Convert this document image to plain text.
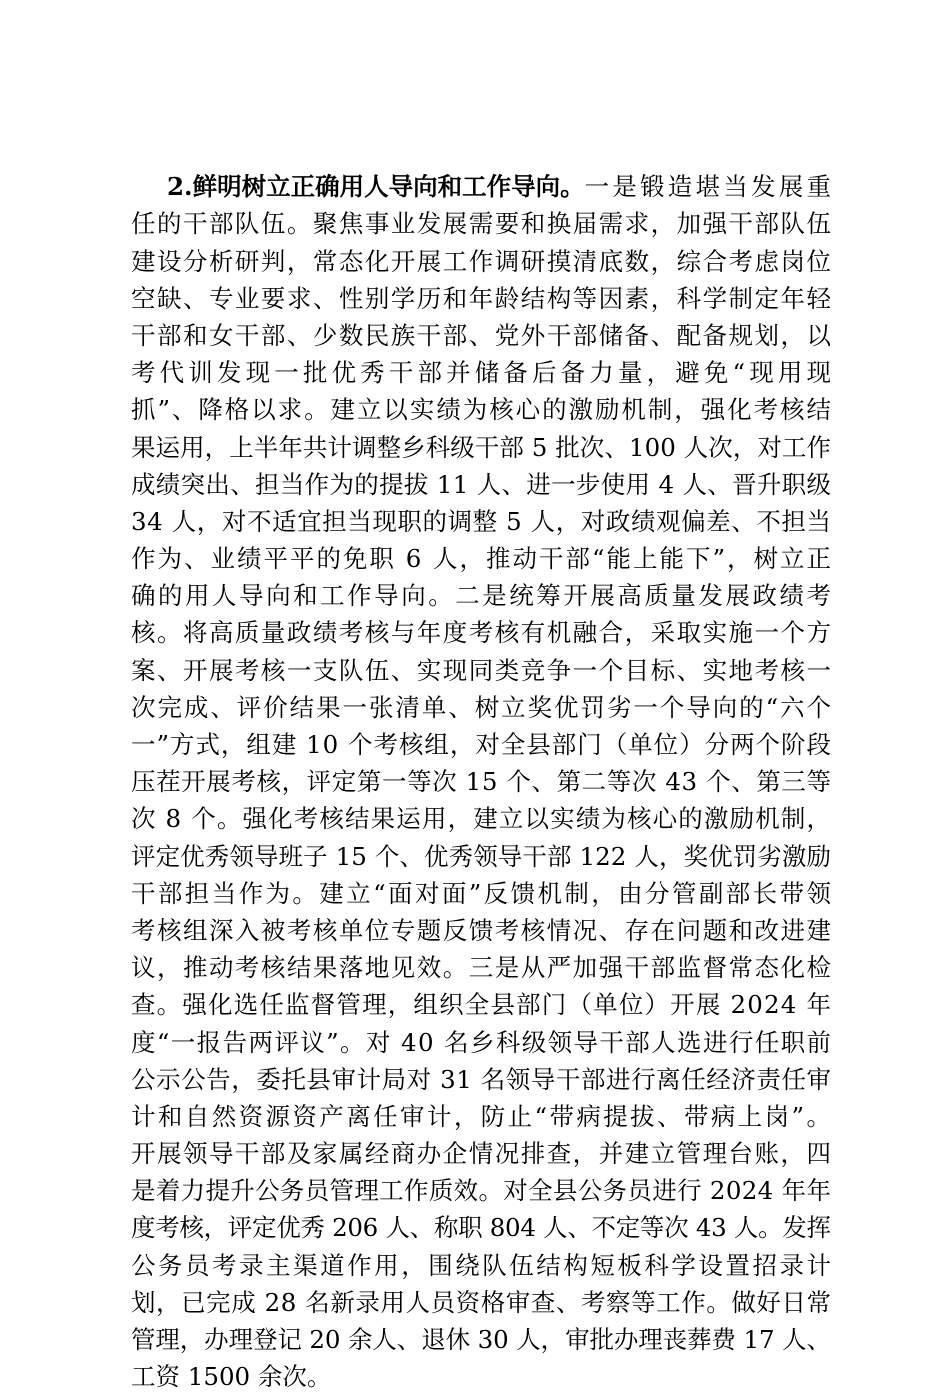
2.鲜明树立正确用人导向和工作导向。 一是锻造堪当发展重
任的干部队伍。聚焦事业发展需要和换届需求，加强干部队伍
建设分析研判，常态化开展工作调研摸清底数，综合考虑岗位
空缺、专业要求、性别学历和年龄结构等因素，科学制定年轻
干部和女干部、少数民族干部、党外干部储备、配备规划，以
考代训发现一批优秀干部并储备后备力量，避免“现用现
抓”、降格以求。建立以实绩为核心的激励机制，强化考核结
果运用，上半年共计调整乡科级干部 5 批次、100 人次，对工作
成绩突出、担当作为的提拔 11 人、进一步使用 4 人、晋升职级
34 人，对不适宜担当现职的调整 5 人，对政绩观偏差、不担当
作为、业绩平平的免职 6 人，推动干部“能上能下”，树立正
确的用人导向和工作导向。二是统筹开展高质量发展政绩考
核。将高质量政绩考核与年度考核有机融合，采取实施一个方
案、开展考核一支队伍、实现同类竞争一个目标、实地考核一
次完成、评价结果一张清单、树立奖优罚劣一个导向的“六个
一”方式，组建 10 个考核组，对全县部门（单位）分两个阶段
压茬开展考核，评定第一等次 15 个、第二等次 43 个、第三等
次 8 个。强化考核结果运用，建立以实绩为核心的激励机制，
评定优秀领导班子 15 个、优秀领导干部 122 人，奖优罚劣激励
干部担当作为。建立“面对面”反馈机制，由分管副部长带领
考核组深入被考核单位专题反馈考核情况、存在问题和改进建
议，推动考核结果落地见效。三是从严加强干部监督常态化检
查。强化选任监督管理，组织全县部门（单位）开展 2024 年
度“一报告两评议”。对 40 名乡科级领导干部人选进行任职前
公示公告，委托县审计局对 31 名领导干部进行离任经济责任审
计和自然资源资产离任审计，防止“带病提拔、带病上岗”。
开展领导干部及家属经商办企情况排查，并建立管理台账，四
是着力提升公务员管理工作质效。对全县公务员进行 2024 年年
度考核，评定优秀 206 人、称职 804 人、不定等次 43 人。发挥
公务员考录主渠道作用，围绕队伍结构短板科学设置招录计
划，已完成 28 名新录用人员资格审查、考察等工作。做好日常
管理，办理登记 20 余人、退休 30 人，审批办理丧葬费 17 人、
工资 1500 余次。
